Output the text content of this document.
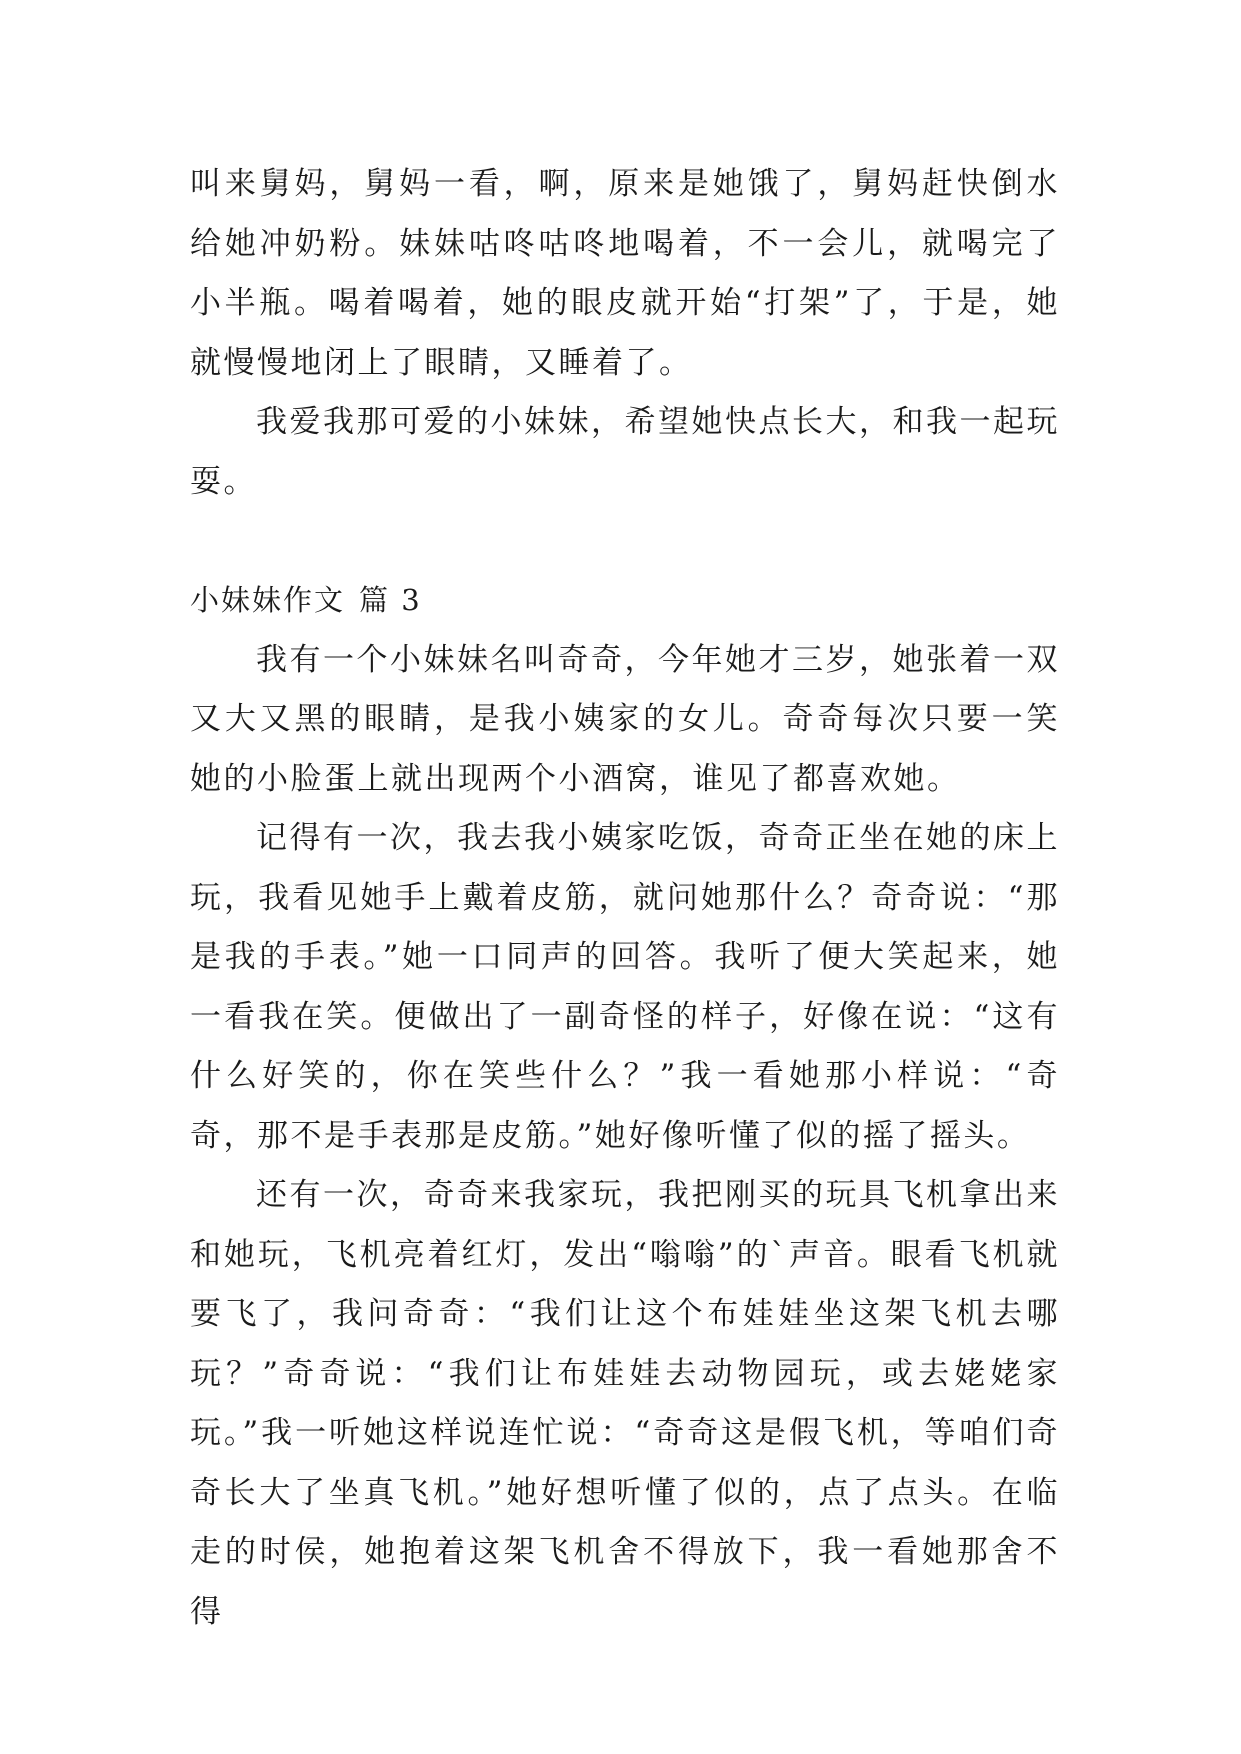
叫来舅妈，舅妈一看，啊，原来是她饿了，舅妈赶快倒水给她冲奶粉。妹妹咕咚咕咚地喝着，不一会儿，就喝完了小半瓶。喝着喝着，她的眼皮就开始“打架”了，于是，她就慢慢地闭上了眼睛，又睡着了。

我爱我那可爱的小妹妹，希望她快点长大，和我一起玩耍。

小妹妹作文 篇 3

我有一个小妹妹名叫奇奇，今年她才三岁，她张着一双又大又黑的眼睛，是我小姨家的女儿。奇奇每次只要一笑她的小脸蛋上就出现两个小酒窝，谁见了都喜欢她。

记得有一次，我去我小姨家吃饭，奇奇正坐在她的床上玩，我看见她手上戴着皮筋，就问她那什么？奇奇说：“那是我的手表。”她一口同声的回答。我听了便大笑起来，她一看我在笑。便做出了一副奇怪的样子，好像在说：“这有什么好笑的，你在笑些什么？”我一看她那小样说：“奇奇，那不是手表那是皮筋。”她好像听懂了似的摇了摇头。

还有一次，奇奇来我家玩，我把刚买的玩具飞机拿出来和她玩，飞机亮着红灯，发出“嗡嗡”的`声音。眼看飞机就要飞了，我问奇奇：“我们让这个布娃娃坐这架飞机去哪玩？”奇奇说：“我们让布娃娃去动物园玩，或去姥姥家玩。”我一听她这样说连忙说：“奇奇这是假飞机，等咱们奇奇长大了坐真飞机。”她好想听懂了似的，点了点头。在临走的时侯，她抱着这架飞机舍不得放下，我一看她那舍不得
